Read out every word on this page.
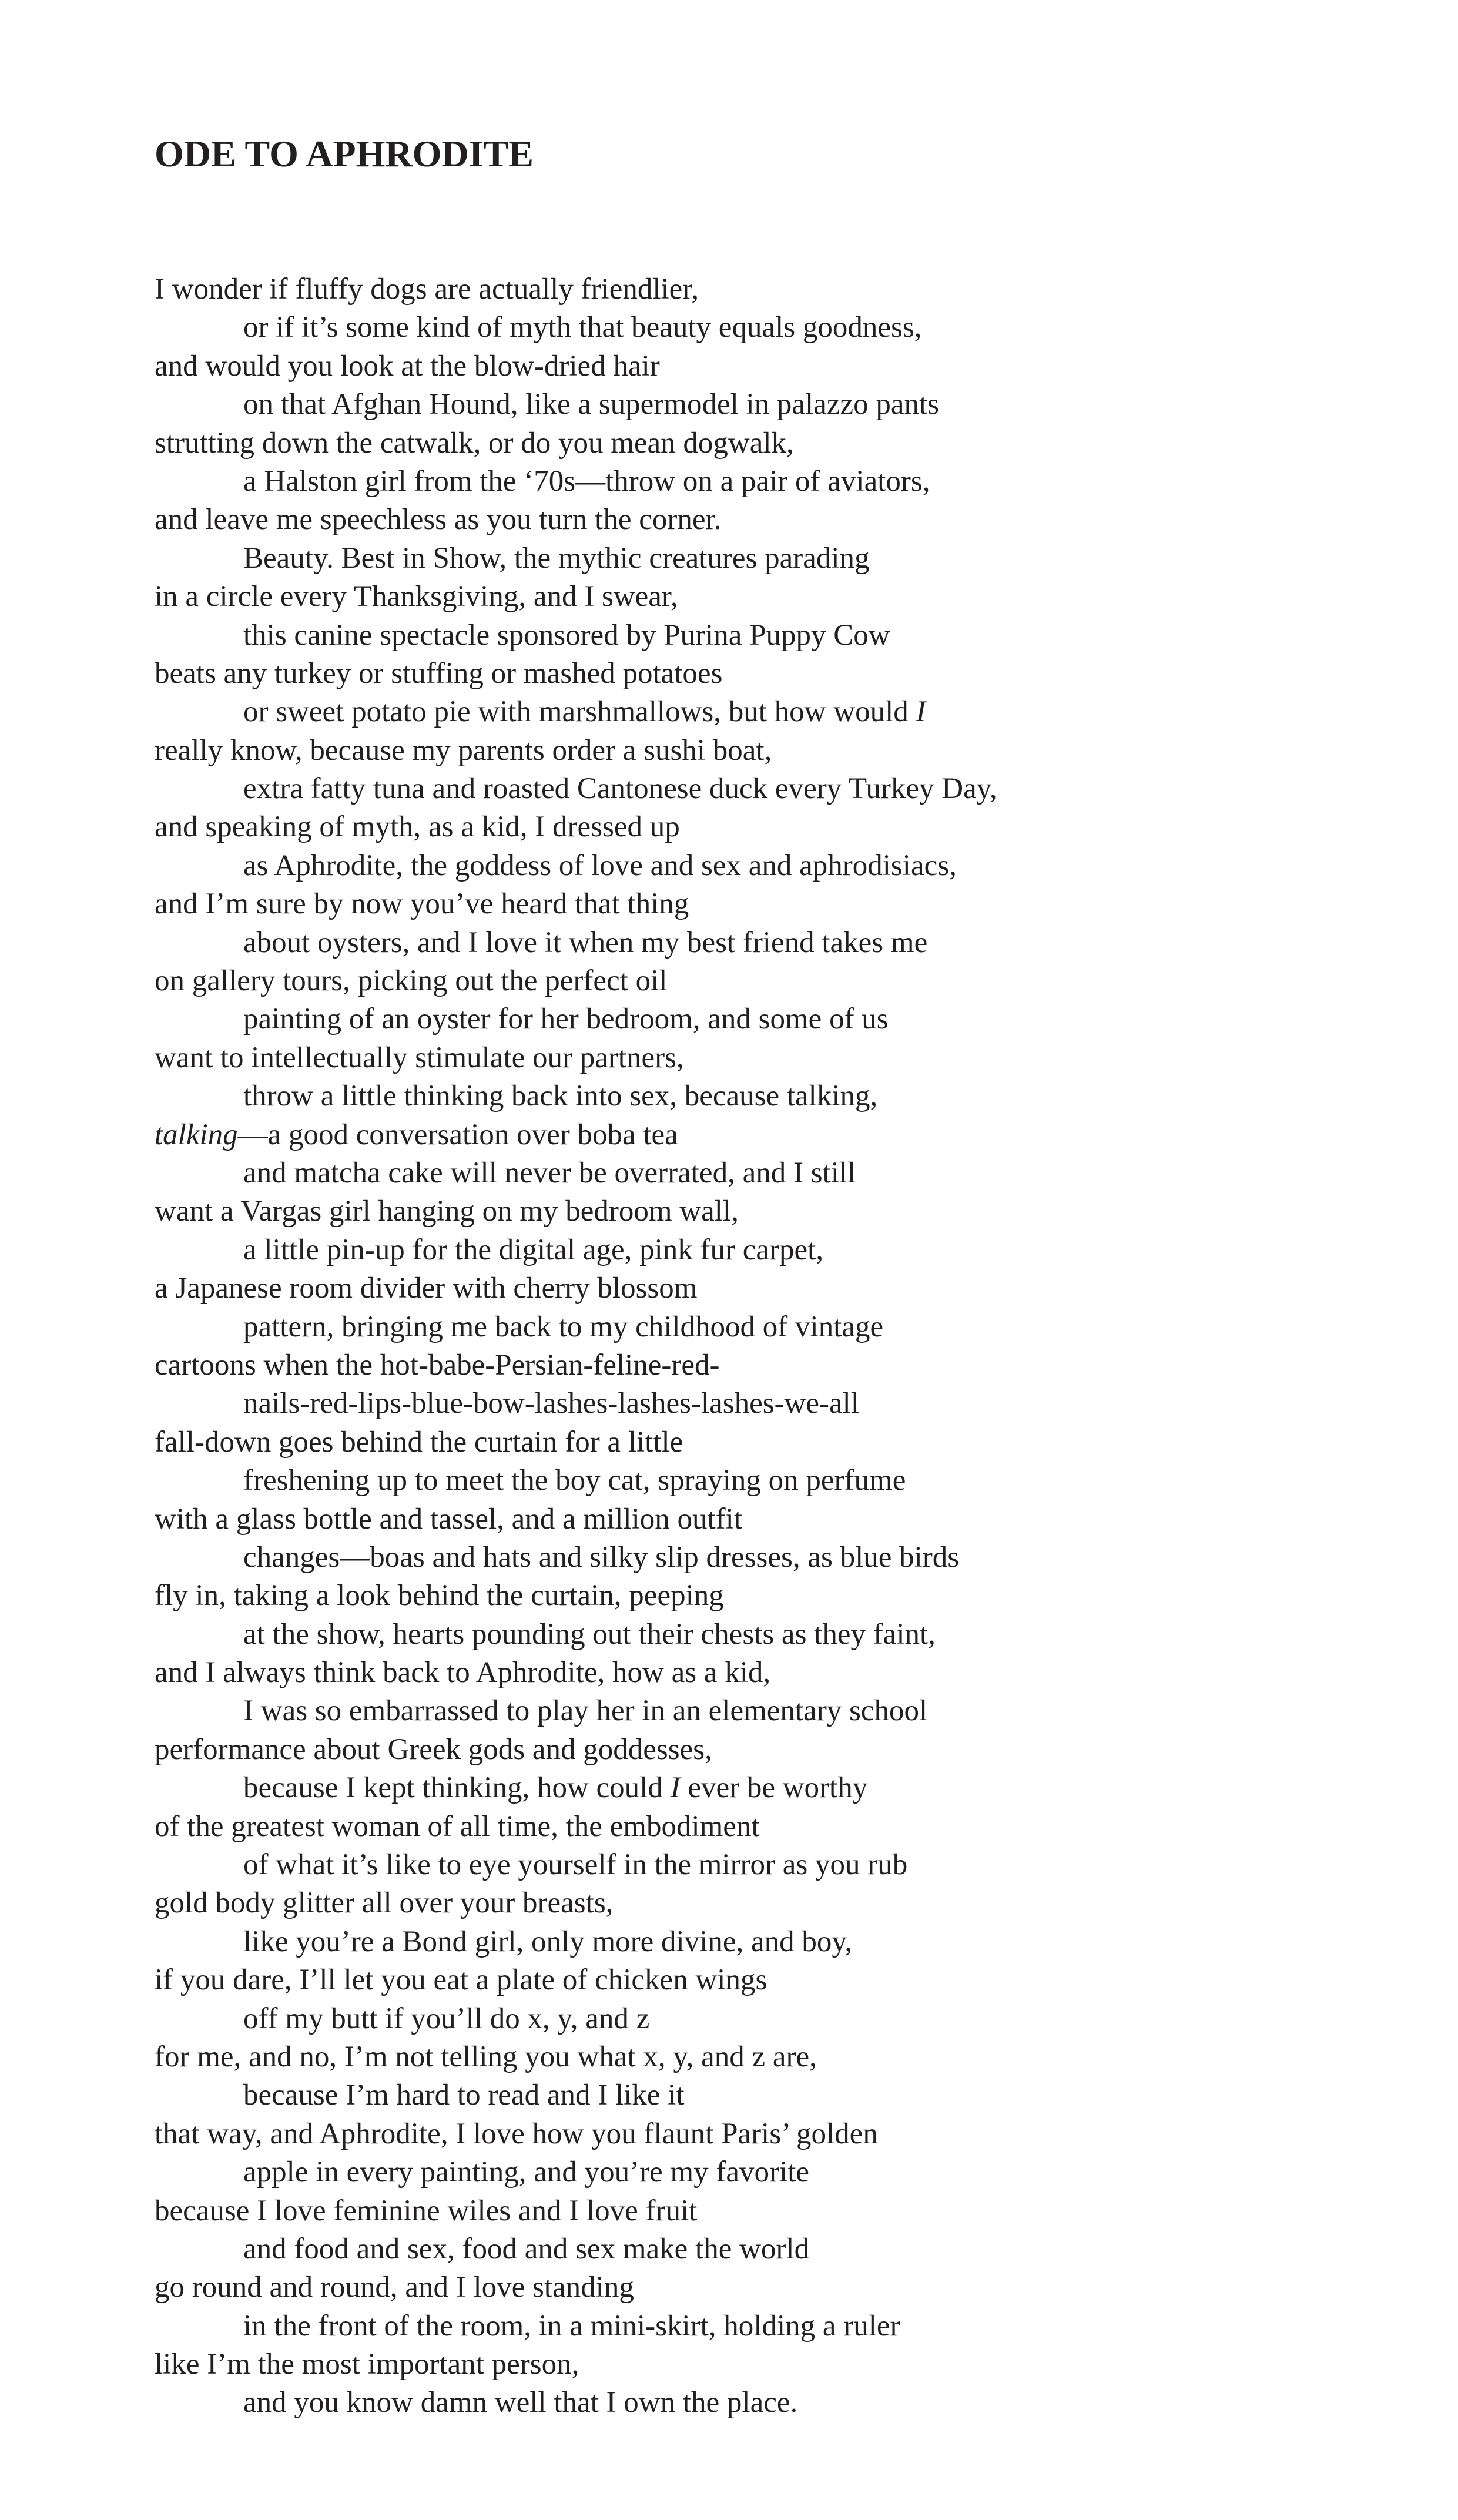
ODE TO APHRODITE
I wonder if fluffy dogs are actually friendlier,
or if it’s some kind of myth that beauty equals goodness,
and would you look at the blow-dried hair
on that Afghan Hound, like a supermodel in palazzo pants
strutting down the catwalk, or do you mean dogwalk,
a Halston girl from the ‘70s—throw on a pair of aviators,
and leave me speechless as you turn the corner.
Beauty. Best in Show, the mythic creatures parading
in a circle every Thanksgiving, and I swear,
this canine spectacle sponsored by Purina Puppy Cow
beats any turkey or stuffing or mashed potatoes
or sweet potato pie with marshmallows, but how would I
really know, because my parents order a sushi boat,
extra fatty tuna and roasted Cantonese duck every Turkey Day,
and speaking of myth, as a kid, I dressed up
as Aphrodite, the goddess of love and sex and aphrodisiacs,
and I’m sure by now you’ve heard that thing
about oysters, and I love it when my best friend takes me
on gallery tours, picking out the perfect oil
painting of an oyster for her bedroom, and some of us
want to intellectually stimulate our partners,
throw a little thinking back into sex, because talking,
talking—a good conversation over boba tea
and matcha cake will never be overrated, and I still
want a Vargas girl hanging on my bedroom wall,
a little pin-up for the digital age, pink fur carpet,
a Japanese room divider with cherry blossom
pattern, bringing me back to my childhood of vintage
cartoons when the hot-babe-Persian-feline-red-
nails-red-lips-blue-bow-lashes-lashes-lashes-we-all
fall-down goes behind the curtain for a little
freshening up to meet the boy cat, spraying on perfume
with a glass bottle and tassel, and a million outfit
changes—boas and hats and silky slip dresses, as blue birds
fly in, taking a look behind the curtain, peeping
at the show, hearts pounding out their chests as they faint,
and I always think back to Aphrodite, how as a kid,
I was so embarrassed to play her in an elementary school
performance about Greek gods and goddesses,
because I kept thinking, how could I ever be worthy
of the greatest woman of all time, the embodiment
of what it’s like to eye yourself in the mirror as you rub
gold body glitter all over your breasts,
like you’re a Bond girl, only more divine, and boy,
if you dare, I’ll let you eat a plate of chicken wings
off my butt if you’ll do x, y, and z
for me, and no, I’m not telling you what x, y, and z are,
because I’m hard to read and I like it
that way, and Aphrodite, I love how you flaunt Paris’ golden
apple in every painting, and you’re my favorite
because I love feminine wiles and I love fruit
and food and sex, food and sex make the world
go round and round, and I love standing
in the front of the room, in a mini-skirt, holding a ruler
like I’m the most important person,
and you know damn well that I own the place.
